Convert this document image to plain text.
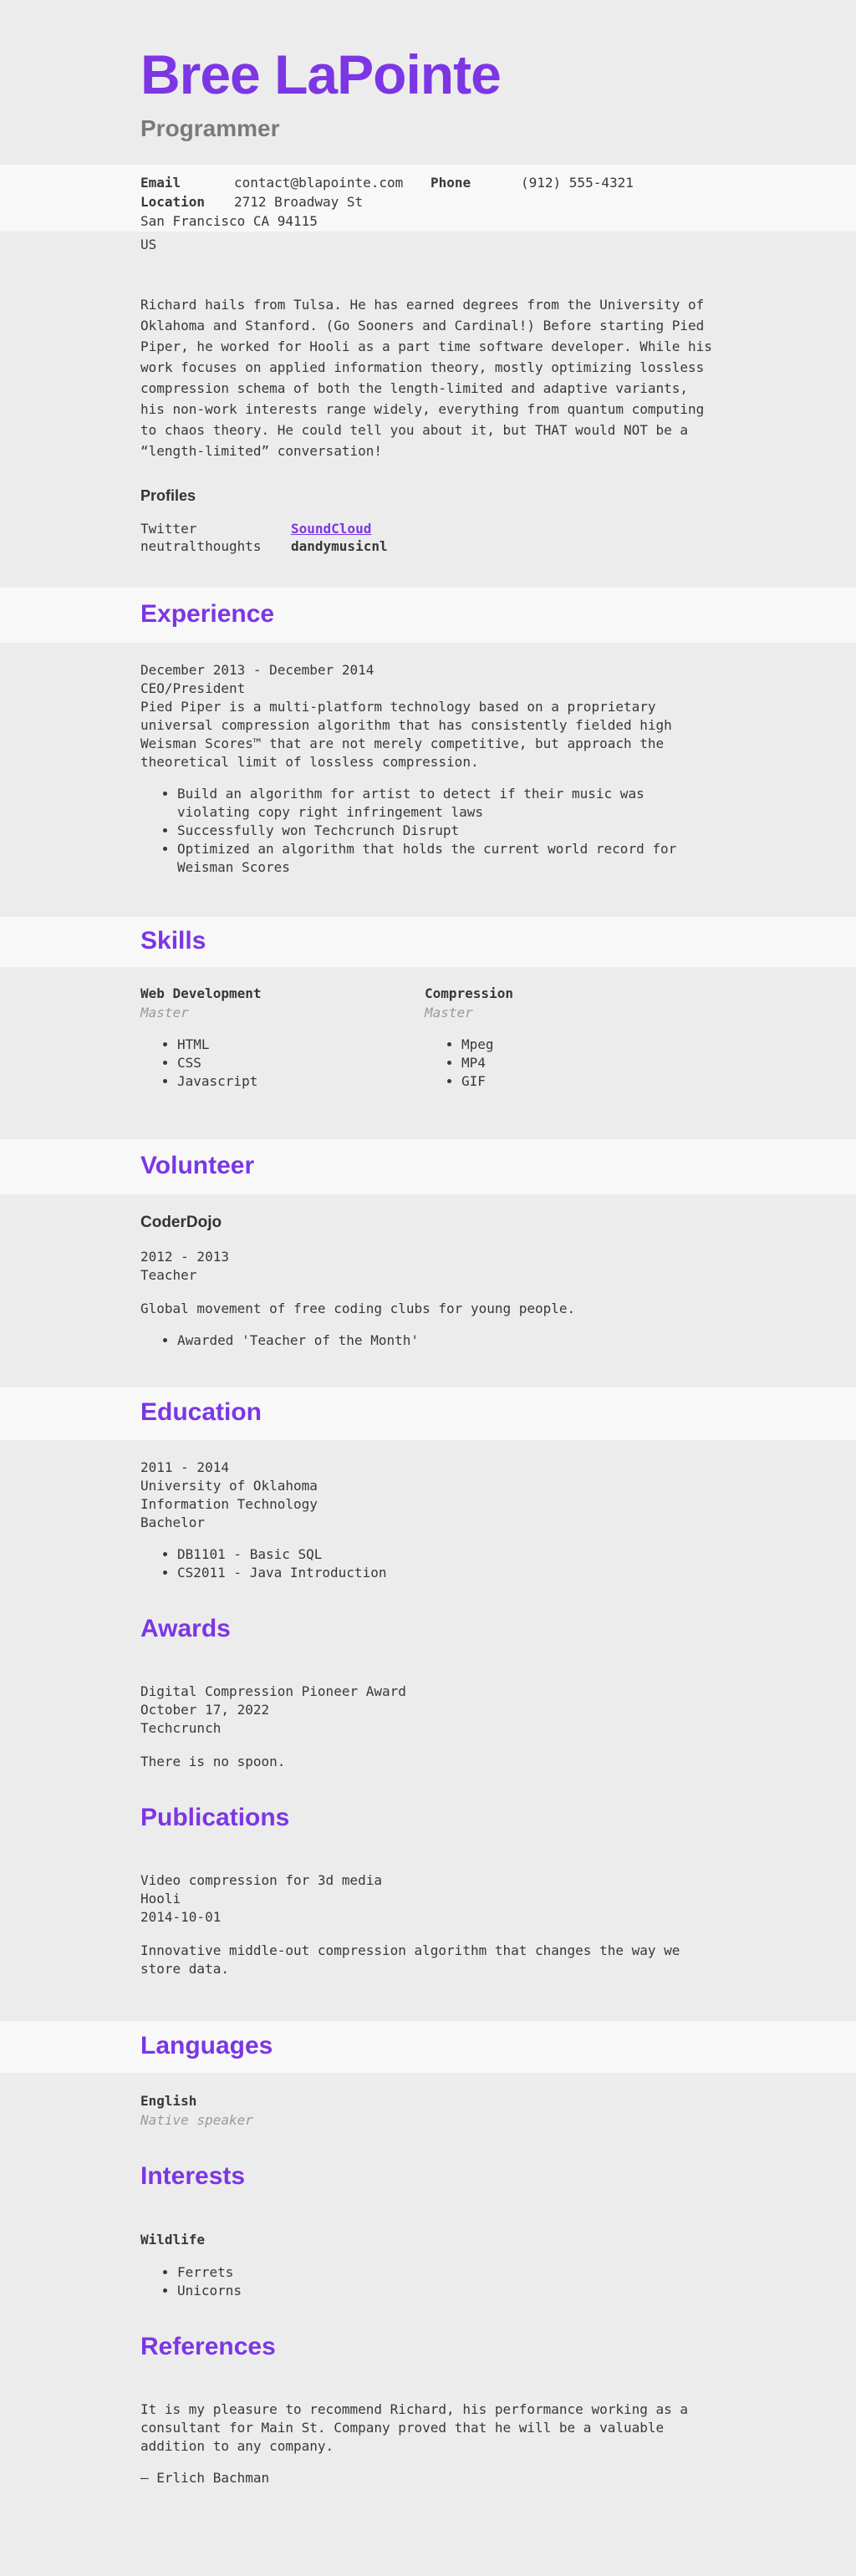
Bree LaPointe
Programmer
Email	contact@blapointe.com	Phone	(912) 555-4321
Location	2712 Broadway St
San Francisco CA 94115
US
Richard hails from Tulsa. He has earned degrees from the University of Oklahoma and Stanford. (Go Sooners and Cardinal!) Before starting Pied Piper, he worked for Hooli as a part time software developer. While his work focuses on applied information theory, mostly optimizing lossless compression schema of both the length-limited and adaptive variants, his non-work interests range widely, everything from quantum computing to chaos theory. He could tell you about it, but THAT would NOT be a “length-limited” conversation!
Profiles
Twitter	SoundCloud
neutralthoughts	dandymusicnl
Experience
December 2013 - December 2014
CEO/President
Pied Piper is a multi-platform technology based on a proprietary universal compression algorithm that has consistently fielded high Weisman Scores™ that are not merely competitive, but approach the theoretical limit of lossless compression.
• Build an algorithm for artist to detect if their music was violating copy right infringement laws
• Successfully won Techcrunch Disrupt
• Optimized an algorithm that holds the current world record for Weisman Scores
Skills
Web Development
Master
• HTML
• CSS
• Javascript
Compression
Master
• Mpeg
• MP4
• GIF
Volunteer
CoderDojo
2012 - 2013
Teacher
Global movement of free coding clubs for young people.
• Awarded 'Teacher of the Month'
Education
2011 - 2014
University of Oklahoma
Information Technology
Bachelor
• DB1101 - Basic SQL
• CS2011 - Java Introduction
Awards
Digital Compression Pioneer Award
October 17, 2022
Techcrunch
There is no spoon.
Publications
Video compression for 3d media
Hooli
2014-10-01
Innovative middle-out compression algorithm that changes the way we store data.
Languages
English
Native speaker
Interests
Wildlife
• Ferrets
• Unicorns
References
It is my pleasure to recommend Richard, his performance working as a consultant for Main St. Company proved that he will be a valuable addition to any company.
— Erlich Bachman
